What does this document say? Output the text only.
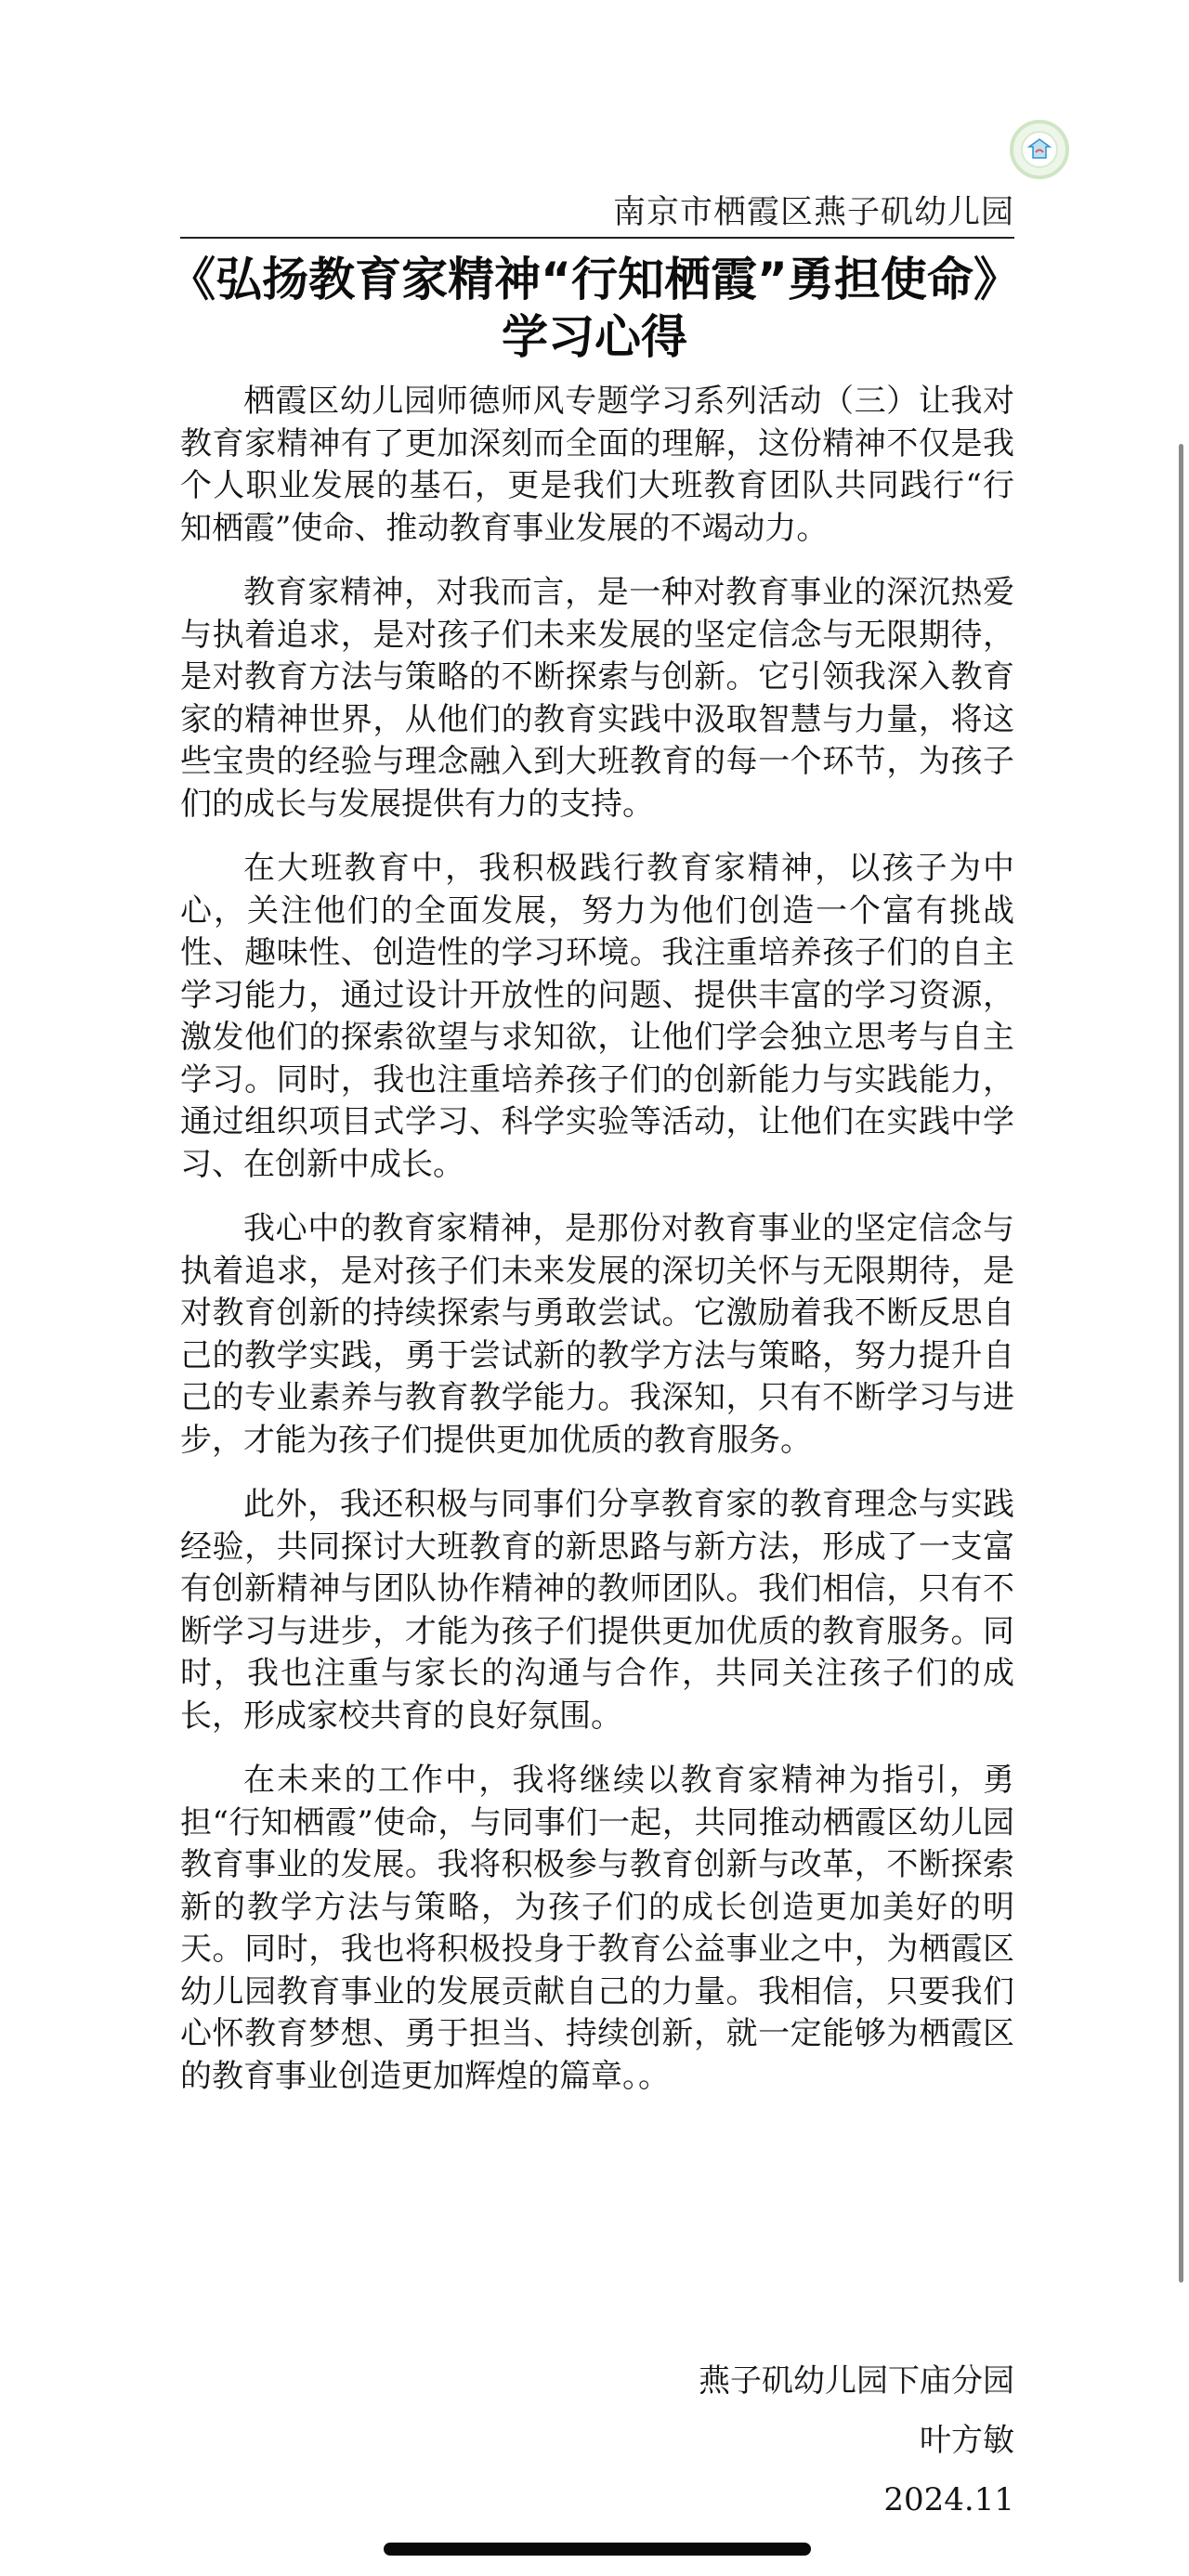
南京市栖霞区燕子矶幼儿园
《弘扬教育家精神“行知栖霞”勇担使命》学习心得

栖霞区幼儿园师德师风专题学习系列活动（三）让我对教育家精神有了更加深刻而全面的理解，这份精神不仅是我个人职业发展的基石，更是我们大班教育团队共同践行“行知栖霞”使命、推动教育事业发展的不竭动力。

教育家精神，对我而言，是一种对教育事业的深沉热爱与执着追求，是对孩子们未来发展的坚定信念与无限期待，是对教育方法与策略的不断探索与创新。它引领我深入教育家的精神世界，从他们的教育实践中汲取智慧与力量，将这些宝贵的经验与理念融入到大班教育的每一个环节，为孩子们的成长与发展提供有力的支持。

在大班教育中，我积极践行教育家精神，以孩子为中心，关注他们的全面发展，努力为他们创造一个富有挑战性、趣味性、创造性的学习环境。我注重培养孩子们的自主学习能力，通过设计开放性的问题、提供丰富的学习资源，激发他们的探索欲望与求知欲，让他们学会独立思考与自主学习。同时，我也注重培养孩子们的创新能力与实践能力，通过组织项目式学习、科学实验等活动，让他们在实践中学习、在创新中成长。

我心中的教育家精神，是那份对教育事业的坚定信念与执着追求，是对孩子们未来发展的深切关怀与无限期待，是对教育创新的持续探索与勇敢尝试。它激励着我不断反思自己的教学实践，勇于尝试新的教学方法与策略，努力提升自己的专业素养与教育教学能力。我深知，只有不断学习与进步，才能为孩子们提供更加优质的教育服务。

此外，我还积极与同事们分享教育家的教育理念与实践经验，共同探讨大班教育的新思路与新方法，形成了一支富有创新精神与团队协作精神的教师团队。我们相信，只有不断学习与进步，才能为孩子们提供更加优质的教育服务。同时，我也注重与家长的沟通与合作，共同关注孩子们的成长，形成家校共育的良好氛围。

在未来的工作中，我将继续以教育家精神为指引，勇担“行知栖霞”使命，与同事们一起，共同推动栖霞区幼儿园教育事业的发展。我将积极参与教育创新与改革，不断探索新的教学方法与策略，为孩子们的成长创造更加美好的明天。同时，我也将积极投身于教育公益事业之中，为栖霞区幼儿园教育事业的发展贡献自己的力量。我相信，只要我们心怀教育梦想、勇于担当、持续创新，就一定能够为栖霞区的教育事业创造更加辉煌的篇章。。

燕子矶幼儿园下庙分园
叶方敏
2024.11
